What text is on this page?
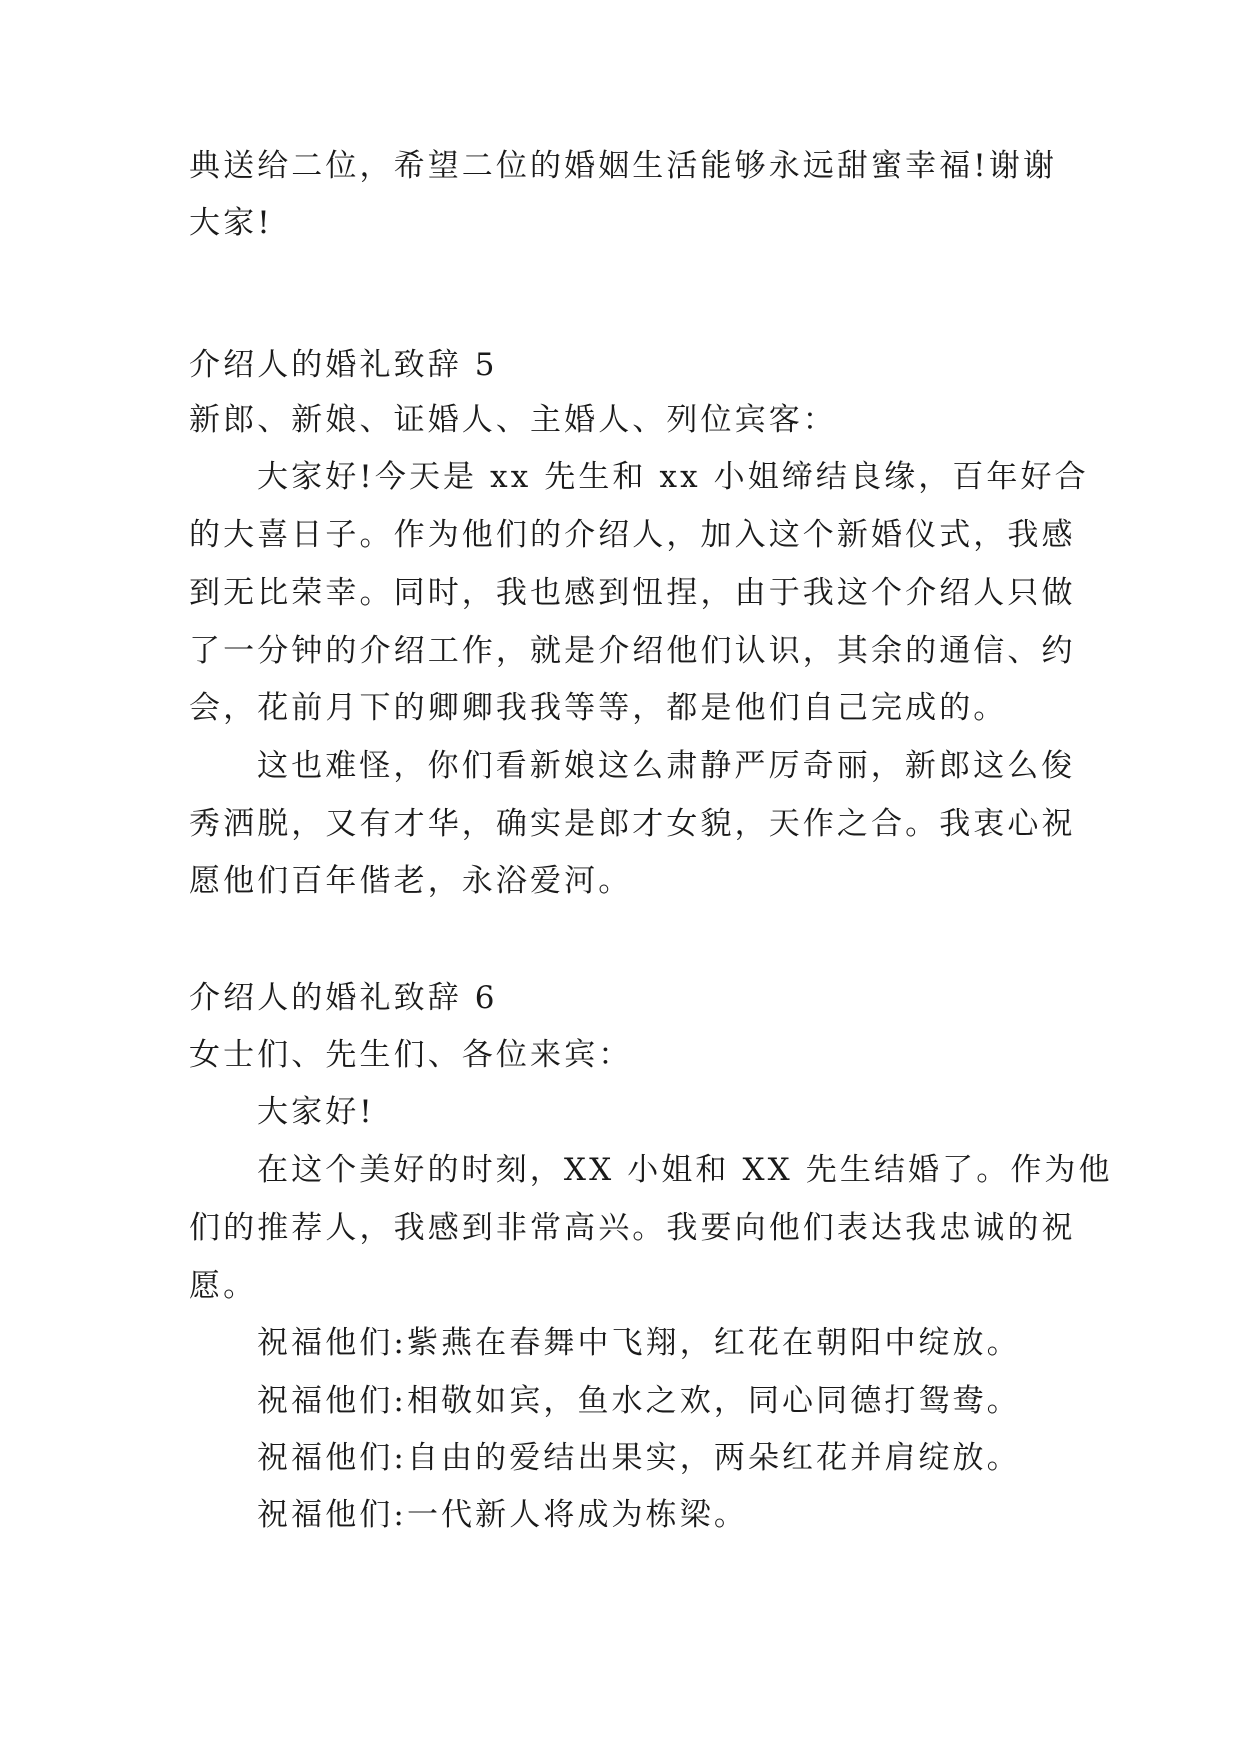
典送给二位，希望二位的婚姻生活能够永远甜蜜幸福!谢谢
大家!
介绍人的婚礼致辞 5
新郎、新娘、证婚人、主婚人、列位宾客：
大家好!今天是 xx 先生和 xx 小姐缔结良缘，百年好合
的大喜日子。作为他们的介绍人，加入这个新婚仪式，我感
到无比荣幸。同时，我也感到忸捏，由于我这个介绍人只做
了一分钟的介绍工作，就是介绍他们认识，其余的通信、约
会，花前月下的卿卿我我等等，都是他们自己完成的。
这也难怪，你们看新娘这么肃静严厉奇丽，新郎这么俊
秀洒脱，又有才华，确实是郎才女貌，天作之合。我衷心祝
愿他们百年偕老，永浴爱河。
介绍人的婚礼致辞 6
女士们、先生们、各位来宾：
大家好!
在这个美好的时刻，XX 小姐和 XX 先生结婚了。作为他
们的推荐人，我感到非常高兴。我要向他们表达我忠诚的祝
愿。
祝福他们:紫燕在春舞中飞翔，红花在朝阳中绽放。
祝福他们:相敬如宾，鱼水之欢，同心同德打鸳鸯。
祝福他们:自由的爱结出果实，两朵红花并肩绽放。
祝福他们:一代新人将成为栋梁。
